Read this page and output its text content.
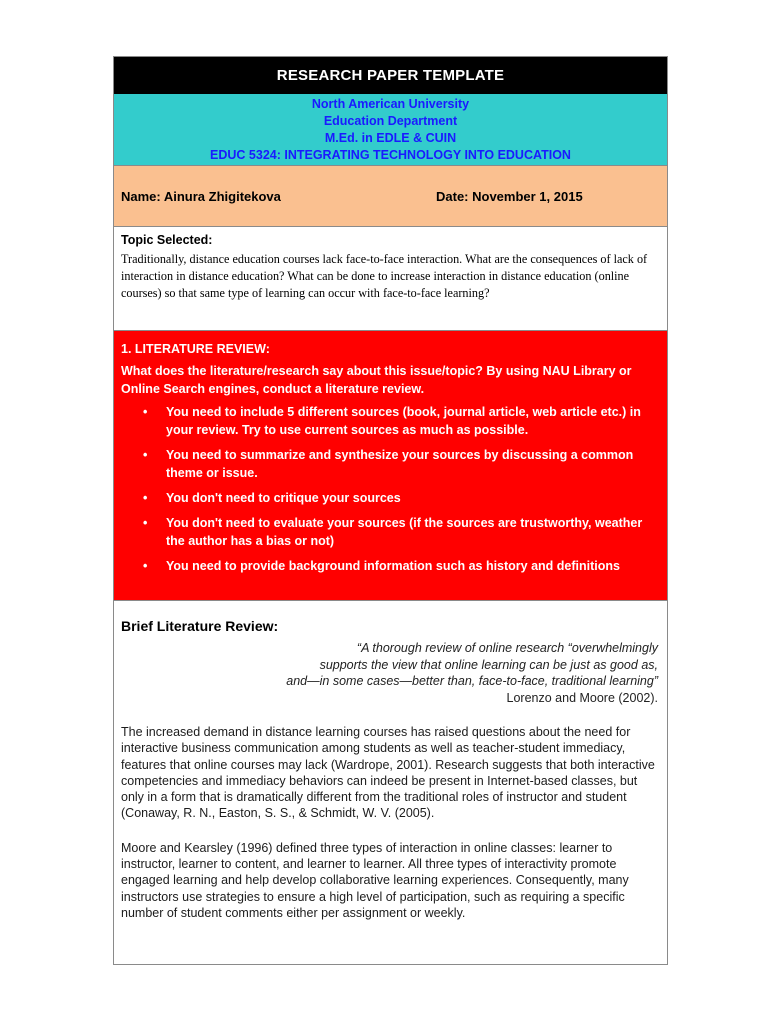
RESEARCH PAPER TEMPLATE
North American University
Education Department
M.Ed. in EDLE & CUIN
EDUC 5324: INTEGRATING TECHNOLOGY INTO EDUCATION
Name: Ainura Zhigitekova	Date: November 1, 2015
Topic Selected:
Traditionally, distance education courses lack face-to-face interaction. What are the consequences of lack of interaction in distance education? What can be done to increase interaction in distance education (online courses) so that same type of learning can occur with face-to-face learning?
1. LITERATURE REVIEW:
What does the literature/research say about this issue/topic? By using NAU Library or Online Search engines, conduct a literature review.
• You need to include 5 different sources (book, journal article, web article etc.) in your review. Try to use current sources as much as possible.
• You need to summarize and synthesize your sources by discussing a common theme or issue.
• You don't need to critique your sources
• You don't need to evaluate your sources (if the sources are trustworthy, weather the author has a bias or not)
• You need to provide background information such as history and definitions
Brief Literature Review:
“A thorough review of online research “overwhelmingly
supports the view that online learning can be just as good as,
and—in some cases—better than, face-to-face, traditional learning”
Lorenzo and Moore (2002).
The increased demand in distance learning courses has raised questions about the need for interactive business communication among students as well as teacher-student immediacy, features that online courses may lack (Wardrope, 2001). Research suggests that both interactive competencies and immediacy behaviors can indeed be present in Internet-based classes, but only in a form that is dramatically different from the traditional roles of instructor and student (Conaway, R. N., Easton, S. S., & Schmidt, W. V. (2005).
Moore and Kearsley (1996) defined three types of interaction in online classes: learner to instructor, learner to content, and learner to learner. All three types of interactivity promote engaged learning and help develop collaborative learning experiences. Consequently, many instructors use strategies to ensure a high level of participation, such as requiring a specific number of student comments either per assignment or weekly.
